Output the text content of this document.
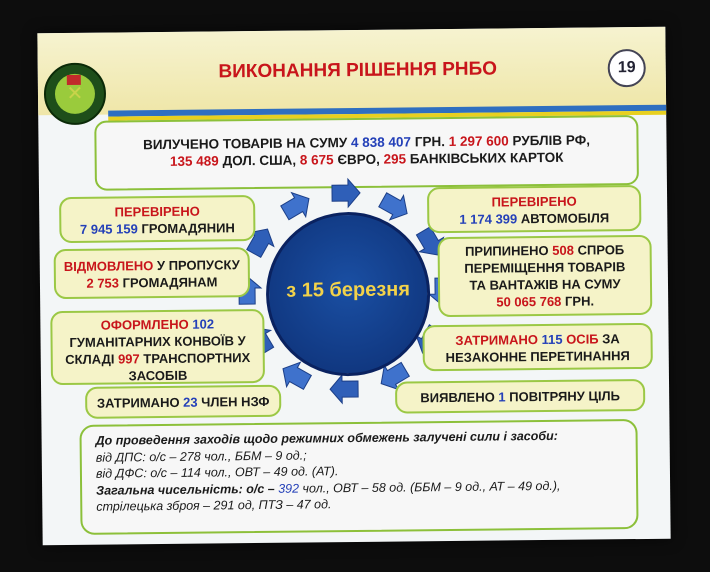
✕
ВИКОНАННЯ РІШЕННЯ РНБО	19
ВИЛУЧЕНО ТОВАРІВ НА СУМУ 4 838 407 ГРН. 1 297 600 РУБЛІВ РФ,
135 489 ДОЛ. США, 8 675 ЄВРО, 295 БАНКІВСЬКИХ КАРТОК
з 15 березня
ПЕРЕВІРЕНО
7 945 159 ГРОМАДЯНИН
ВІДМОВЛЕНО У ПРОПУСКУ
2 753 ГРОМАДЯНАМ
ОФОРМЛЕНО 102
ГУМАНІТАРНИХ КОНВОЇВ У
СКЛАДІ 997 ТРАНСПОРТНИХ
ЗАСОБІВ
ЗАТРИМАНО 23 ЧЛЕН НЗФ
ПЕРЕВІРЕНО
1 174 399 АВТОМОБІЛЯ
ПРИПИНЕНО 508 СПРОБ
ПЕРЕМІЩЕННЯ ТОВАРІВ
ТА ВАНТАЖІВ НА СУМУ
50 065 768 ГРН.
ЗАТРИМАНО 115 ОСІБ ЗА
НЕЗАКОННЕ ПЕРЕТИНАННЯ
ВИЯВЛЕНО 1 ПОВІТРЯНУ ЦІЛЬ
До проведення заходів щодо режимних обмежень залучені сили і засоби:
від ДПС: о/с – 278 чол., ББМ – 9 од.;
від ДФС: о/с – 114 чол., ОВТ – 49 од. (АТ).
Загальна чисельність: о/с – 392 чол., ОВТ – 58 од. (ББМ – 9 од., АТ – 49 од.),
стрілецька зброя – 291 од, ПТЗ – 47 од.
